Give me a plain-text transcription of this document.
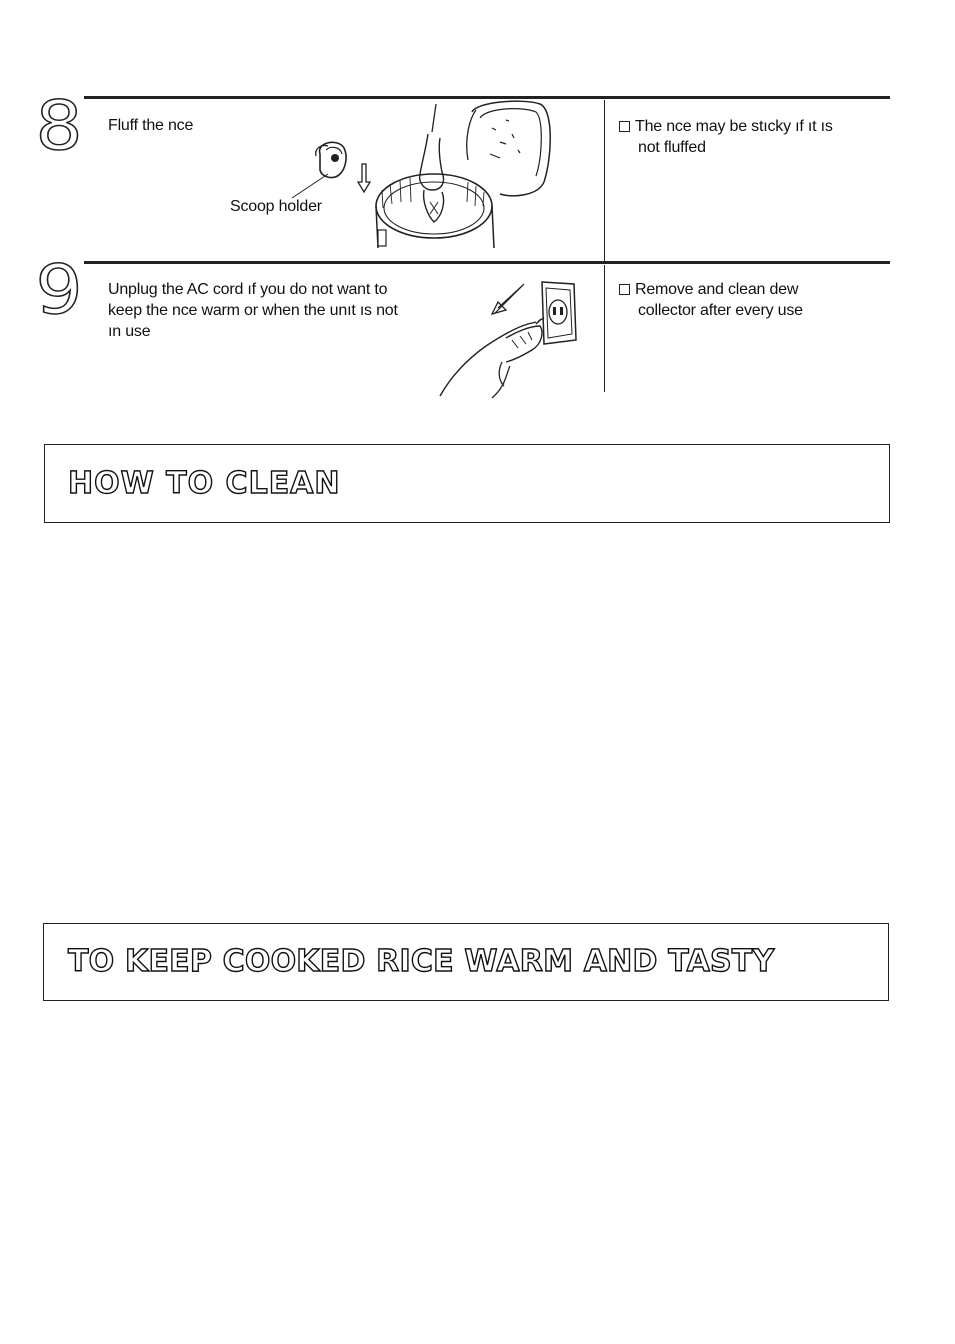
8 Fluff the nce
Scoop holder
The nce may be stıcky ıf ıt ıs
not fluffed
9 Unplug the AC cord ıf you do not want to
keep the nce warm or when the unıt ıs not
ın use
Remove and clean dew
collector after every use
HOW TO CLEAN
TO KEEP COOKED RICE WARM AND TASTY
